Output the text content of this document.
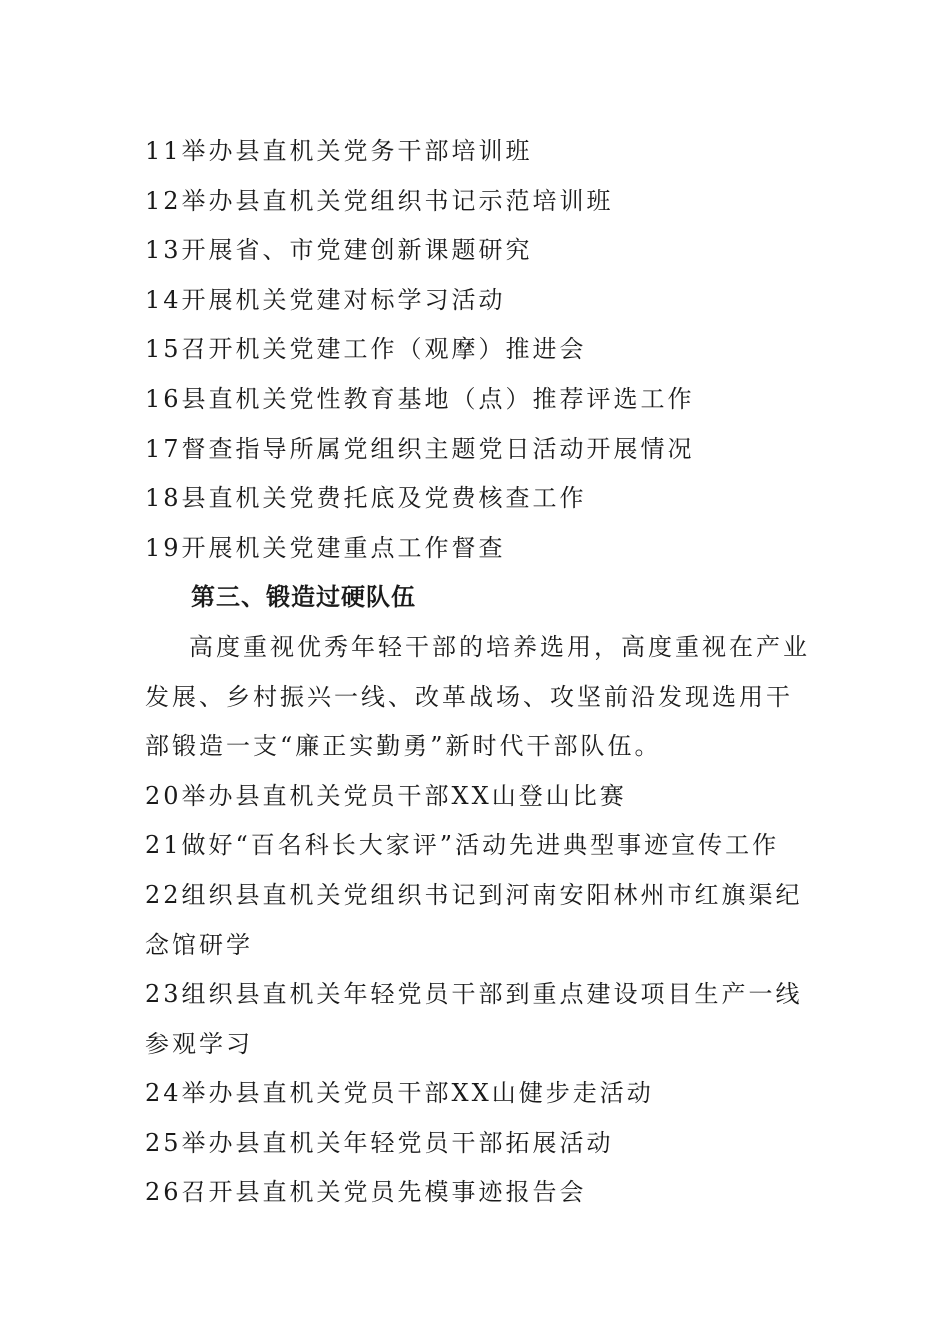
11举办县直机关党务干部培训班

12举办县直机关党组织书记示范培训班

13开展省、市党建创新课题研究

14开展机关党建对标学习活动

15召开机关党建工作（观摩）推进会

16县直机关党性教育基地（点）推荐评选工作

17督查指导所属党组织主题党日活动开展情况

18县直机关党费托底及党费核查工作

19开展机关党建重点工作督查

第三、锻造过硬队伍

高度重视优秀年轻干部的培养选用，高度重视在产业发展、乡村振兴一线、改革战场、攻坚前沿发现选用干部锻造一支“廉正实勤勇”新时代干部队伍。

20举办县直机关党员干部XX山登山比赛

21做好“百名科长大家评”活动先进典型事迹宣传工作

22组织县直机关党组织书记到河南安阳林州市红旗渠纪念馆研学

23组织县直机关年轻党员干部到重点建设项目生产一线参观学习

24举办县直机关党员干部XX山健步走活动

25举办县直机关年轻党员干部拓展活动

26召开县直机关党员先模事迹报告会
